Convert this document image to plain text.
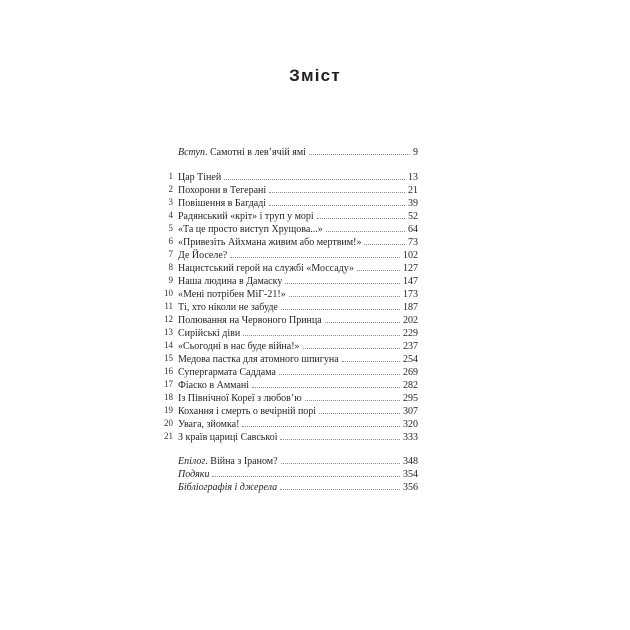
Зміст
Вступ. Самотні в лев’ячій ямі	9
1 Цар Тіней	13
2 Похорони в Тегерані	21
3 Повішення в Багдаді	39
4 Радянський «кріт» і труп у морі	52
5 «Та це просто виступ Хрущова...»	64
6 «Привезіть Айхмана живим або мертвим!»	73
7 Де Йоселе?	102
8 Нацистський герой на службі «Моссаду»	127
9 Наша людина в Дамаску	147
10 «Мені потрібен МіГ-21!»	173
11 Ті, хто ніколи не забуде	187
12 Полювання на Червоного Принца	202
13 Сирійські діви	229
14 «Сьогодні в нас буде війна!»	237
15 Медова пастка для атомного шпигуна	254
16 Супергармата Саддама	269
17 Фіаско в Аммані	282
18 Із Північної Кореї з любов’ю	295
19 Кохання і смерть о вечірній порі	307
20 Увага, зйомка!	320
21 З країв цариці Савської	333
Епілог. Війна з Іраном?	348
Подяки	354
Бібліографія і джерела	356
